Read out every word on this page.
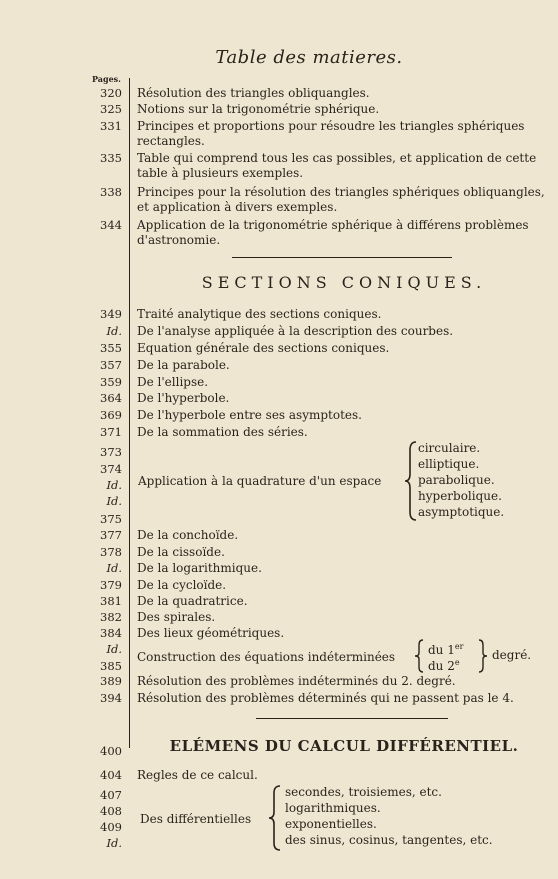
Table des matieres.
Pages.
320 Résolution des triangles obliquangles.
325 Notions sur la trigonométrie sphérique.
331 Principes et proportions pour résoudre les triangles sphériques rectangles.
335 Table qui comprend tous les cas possibles, et application de cette table à plusieurs exemples.
338 Principes pour la résolution des triangles sphériques obliquangles, et application à divers exemples.
344 Application de la trigonométrie sphérique à différens problèmes d'astronomie.
SECTIONS CONIQUES.
349 Traité analytique des sections coniques.
Id. De l'analyse appliquée à la description des courbes.
355 Equation générale des sections coniques.
357 De la parabole.
359 De l'ellipse.
364 De l'hyperbole.
369 De l'hyperbole entre ses asymptotes.
371 De la sommation des séries.
373
374
Id.
Id.
375
Application à la quadrature d'un espace
circulaire.
elliptique.
parabolique.
hyperbolique.
asymptotique.
377 De la conchoïde.
378 De la cissoïde.
Id. De la logarithmique.
379 De la cycloïde.
381 De la quadratrice.
382 Des spirales.
384 Des lieux géométriques.
Id.
385
Construction des équations indéterminées	du 1er
du 2e
degré.
389 Résolution des problèmes indéterminés du 2. degré.
394 Résolution des problèmes déterminés qui ne passent pas le 4.
400	ELÉMENS DU CALCUL DIFFÉRENTIEL.
404 Regles de ce calcul.
407
408
409
Id.
Des différentielles
secondes, troisiemes, etc.
logarithmiques.
exponentielles.
des sinus, cosinus, tangentes, etc.
